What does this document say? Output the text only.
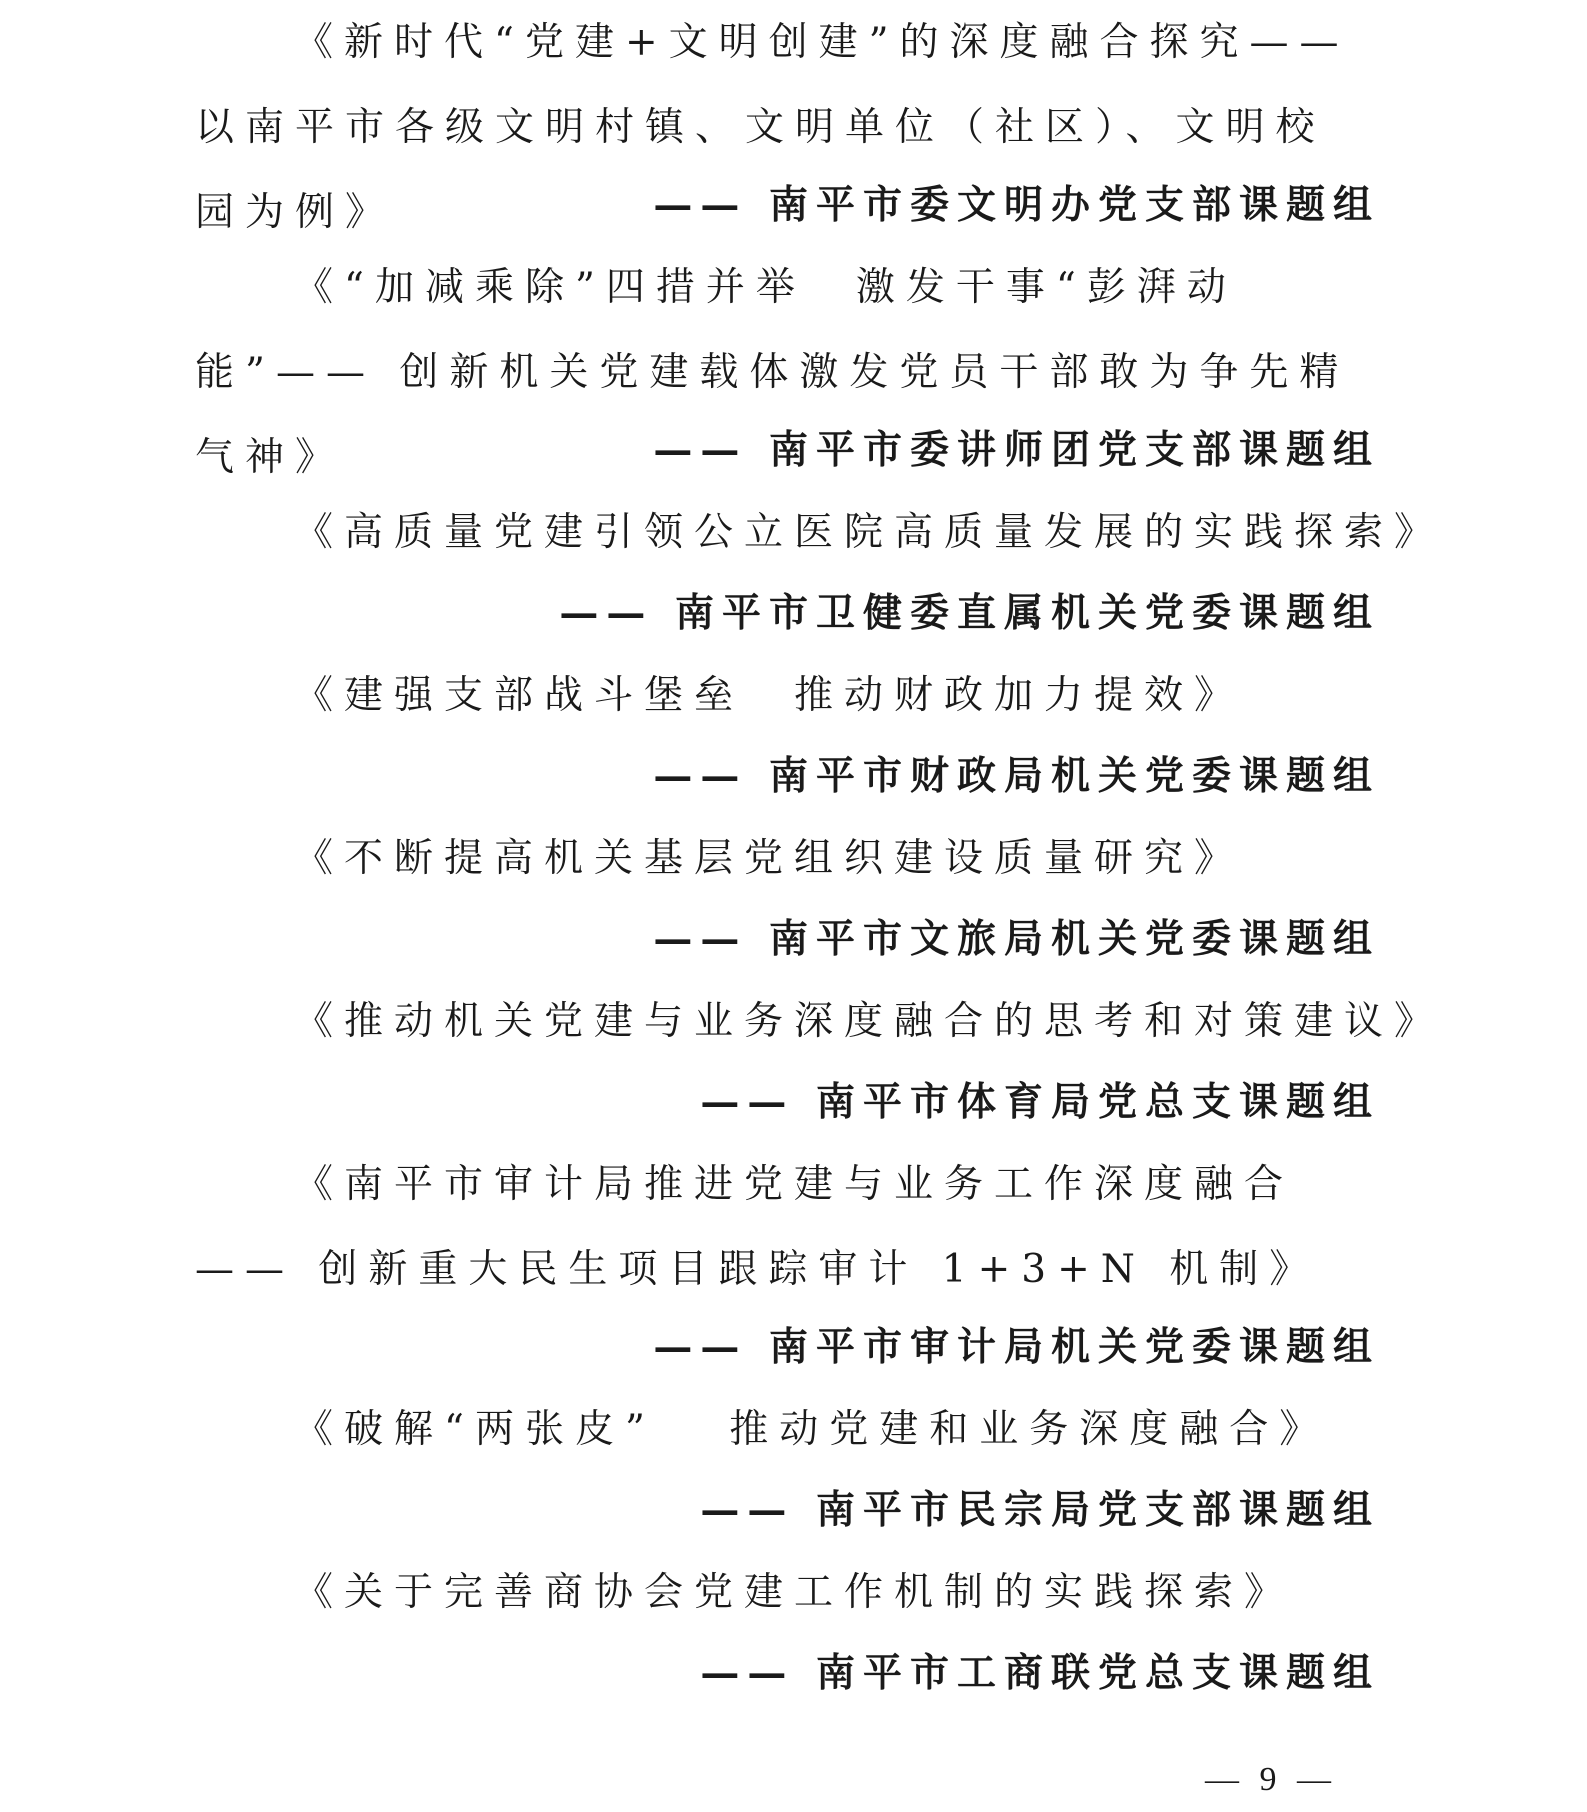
《新时代“党建+文明创建”的深度融合探究—— 以南平市各级文明村镇、文明单位（社区）、文明校园为例》	—— 南平市委文明办党支部课题组

《“加减乘除”四措并举　激发干事“彭湃动能”—— 创新机关党建载体激发党员干部敢为争先精气神》	—— 南平市委讲师团党支部课题组

《高质量党建引领公立医院高质量发展的实践探索》

—— 南平市卫健委直属机关党委课题组

《建强支部战斗堡垒　推动财政加力提效》

—— 南平市财政局机关党委课题组

《不断提高机关基层党组织建设质量研究》

—— 南平市文旅局机关党委课题组

《推动机关党建与业务深度融合的思考和对策建议》

—— 南平市体育局党总支课题组

《南平市审计局推进党建与业务工作深度融合—— 创新重大民生项目跟踪审计 1+3+N 机制》

—— 南平市审计局机关党委课题组

《破解“两张皮”　 推动党建和业务深度融合》

—— 南平市民宗局党支部课题组

《关于完善商协会党建工作机制的实践探索》

—— 南平市工商联党总支课题组

— 9 —
